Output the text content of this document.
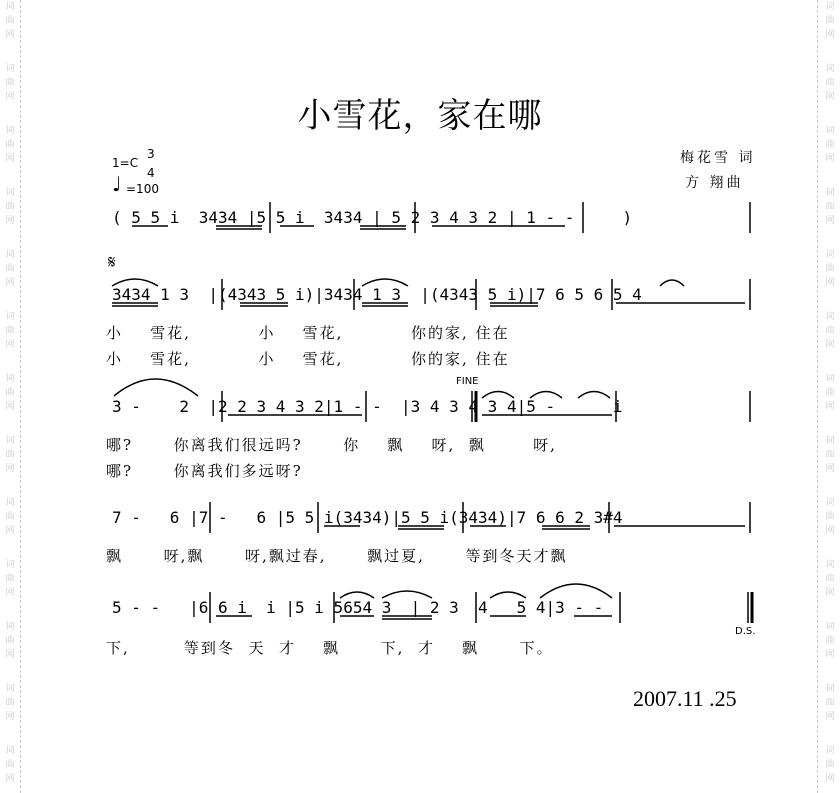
词
曲
网
词
曲
网
词
曲
网
词
曲
网
词
曲
网
词
曲
网
词
曲
网
词
曲
网
词
曲
网
词
曲
网
词
曲
网
词
曲
网
词
曲
网
词
曲
网
词
曲
网
词
曲
网
词
曲
网
词
曲
网
词
曲
网
词
曲
网
词
曲
网
词
曲
网
词
曲
网
词
曲
网
词
曲
网
词
曲
网
小雪花，家在哪
梅花雪 词
方 翔曲
1=C
3
4
♩ =100
( 5 5 i  3434 |5 5 i  3434 | 5 2 3 4 3 2 | 1 - -     )
𝄋
3434 1 3  |(4343 5 i)|3434 1 3  |(4343 5 i)|7 6 5 6 5 4
小    雪花,          小    雪花,          你的家, 住在
小    雪花,          小    雪花,          你的家, 住在
FINE
3 -    2  |2 2 3 4 3 2|1 - -  |3 4 3 4 3 4|5 -      i
哪?      你离我们很远吗?      你    飘    呀,  飘       呀,
哪?      你离我们多远呀?
7 -   6 |7 -   6 |5 5 i(3434)|5 5 i(3434)|7 6 6 2 3#4
飘      呀,飘      呀,飘过春,      飘过夏,      等到冬天才飘
5 - -   |6 6 i  i |5 i 5654 3  | 2 3  4   5 4|3 - -
D.S.
下,        等到冬  天  才    飘      下,  才    飘      下。
2007.11 .25
